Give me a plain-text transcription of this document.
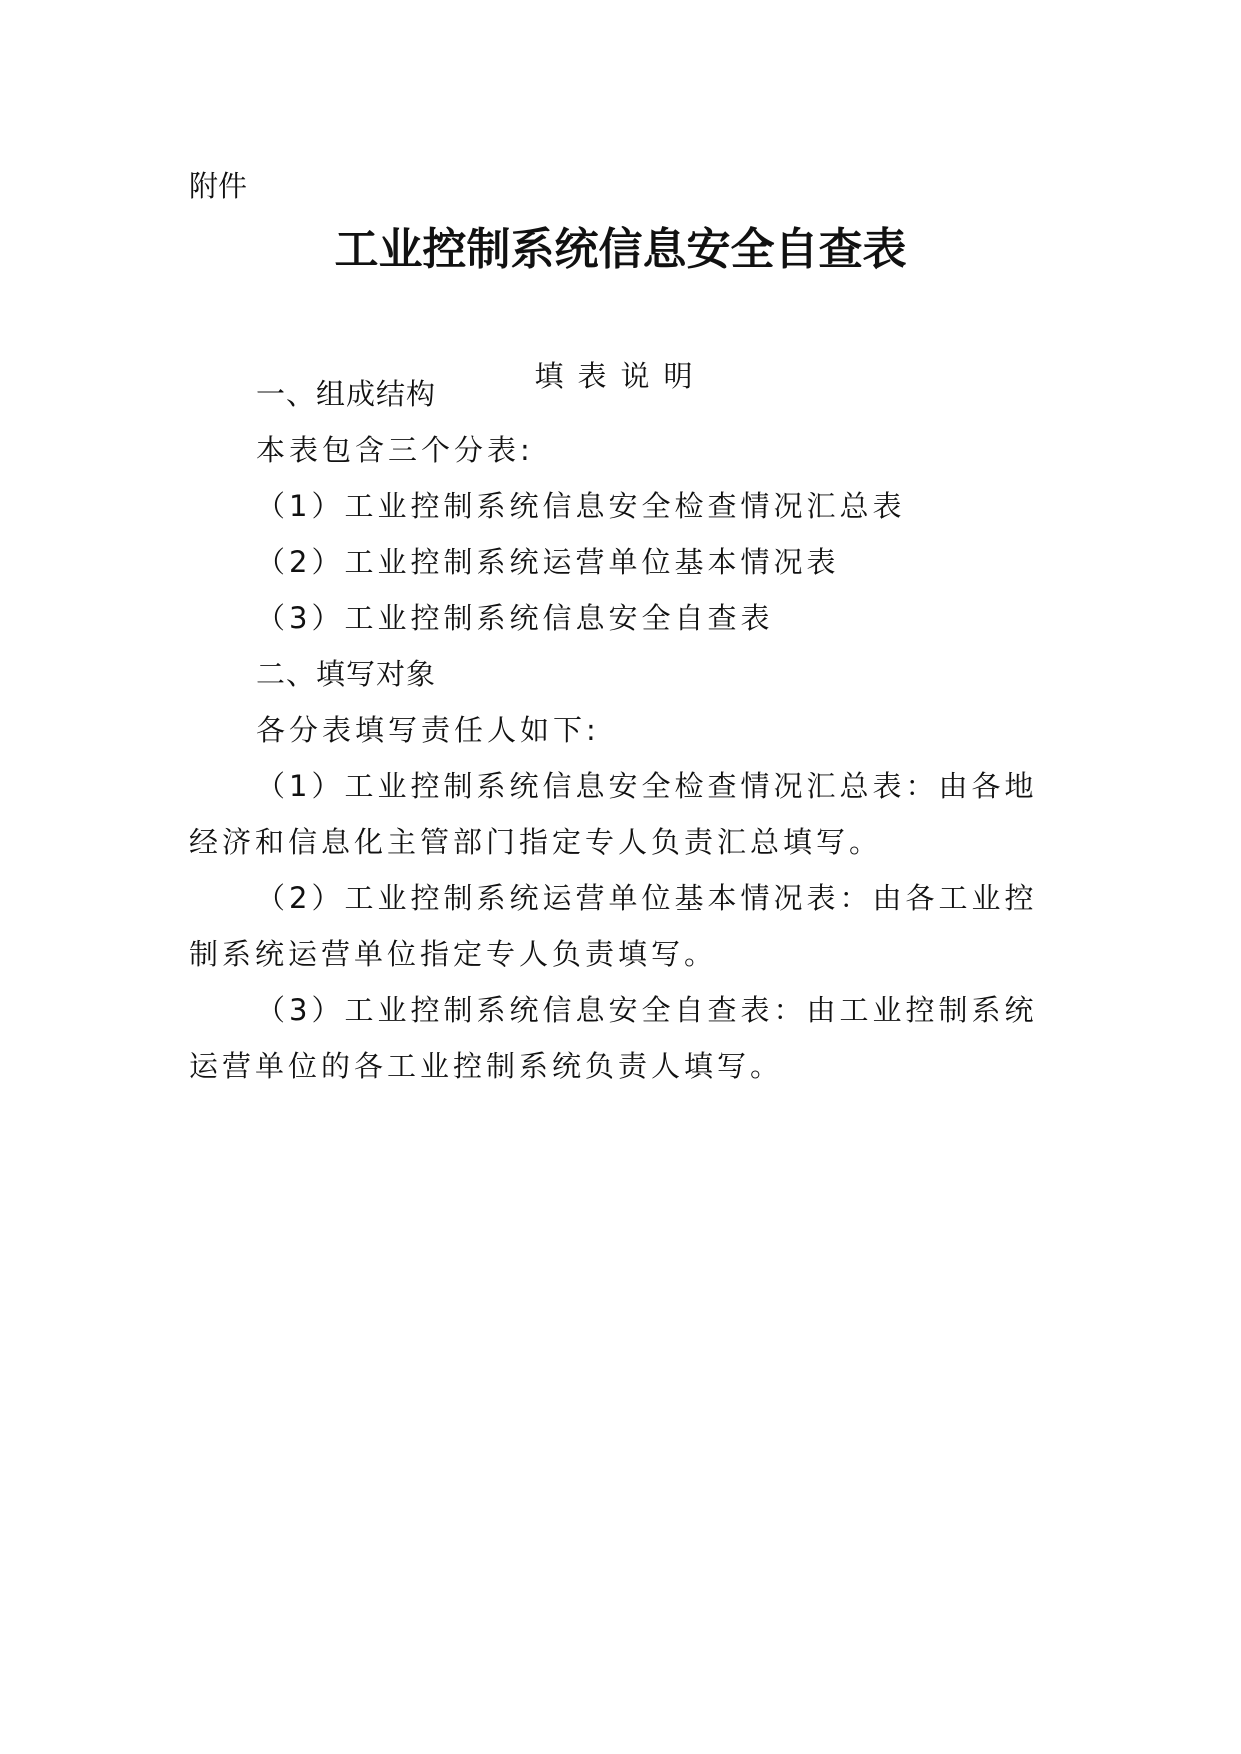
附件
工业控制系统信息安全自查表
填表说明
一、组成结构
本表包含三个分表:
（1）工业控制系统信息安全检查情况汇总表
（2）工业控制系统运营单位基本情况表
（3）工业控制系统信息安全自查表
二、填写对象
各分表填写责任人如下:
（1）工业控制系统信息安全检查情况汇总表：由各地
经济和信息化主管部门指定专人负责汇总填写。
（2）工业控制系统运营单位基本情况表：由各工业控
制系统运营单位指定专人负责填写。
（3）工业控制系统信息安全自查表：由工业控制系统
运营单位的各工业控制系统负责人填写。
